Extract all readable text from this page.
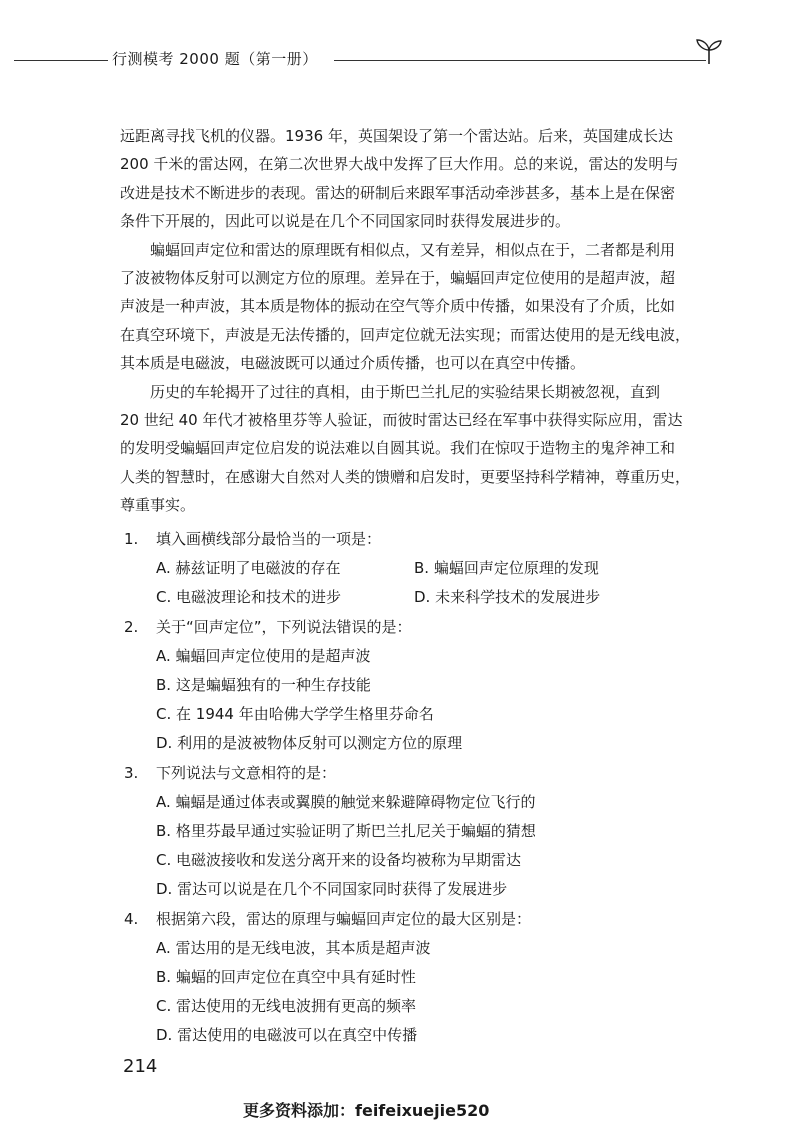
行测模考 2000 题（第一册）

远距离寻找飞机的仪器。1936 年，英国架设了第一个雷达站。后来，英国建成长达
200 千米的雷达网，在第二次世界大战中发挥了巨大作用。总的来说，雷达的发明与
改进是技术不断进步的表现。雷达的研制后来跟军事活动牵涉甚多，基本上是在保密
条件下开展的，因此可以说是在几个不同国家同时获得发展进步的。

蝙蝠回声定位和雷达的原理既有相似点，又有差异，相似点在于，二者都是利用
了波被物体反射可以测定方位的原理。差异在于，蝙蝠回声定位使用的是超声波，超
声波是一种声波，其本质是物体的振动在空气等介质中传播，如果没有了介质，比如
在真空环境下，声波是无法传播的，回声定位就无法实现；而雷达使用的是无线电波，
其本质是电磁波，电磁波既可以通过介质传播，也可以在真空中传播。

历史的车轮揭开了过往的真相，由于斯巴兰扎尼的实验结果长期被忽视，直到
20 世纪 40 年代才被格里芬等人验证，而彼时雷达已经在军事中获得实际应用，雷达
的发明受蝙蝠回声定位启发的说法难以自圆其说。我们在惊叹于造物主的鬼斧神工和
人类的智慧时，在感谢大自然对人类的馈赠和启发时，更要坚持科学精神，尊重历史，
尊重事实。

1. 填入画横线部分最恰当的一项是：
A. 赫兹证明了电磁波的存在	B. 蝙蝠回声定位原理的发现
C. 电磁波理论和技术的进步	D. 未来科学技术的发展进步
2. 关于“回声定位”，下列说法错误的是：
A. 蝙蝠回声定位使用的是超声波
B. 这是蝙蝠独有的一种生存技能
C. 在 1944 年由哈佛大学学生格里芬命名
D. 利用的是波被物体反射可以测定方位的原理
3. 下列说法与文意相符的是：
A. 蝙蝠是通过体表或翼膜的触觉来躲避障碍物定位飞行的
B. 格里芬最早通过实验证明了斯巴兰扎尼关于蝙蝠的猜想
C. 电磁波接收和发送分离开来的设备均被称为早期雷达
D. 雷达可以说是在几个不同国家同时获得了发展进步
4. 根据第六段，雷达的原理与蝙蝠回声定位的最大区别是：
A. 雷达用的是无线电波，其本质是超声波
B. 蝙蝠的回声定位在真空中具有延时性
C. 雷达使用的无线电波拥有更高的频率
D. 雷达使用的电磁波可以在真空中传播
214
更多资料添加：feifeixuejie520
